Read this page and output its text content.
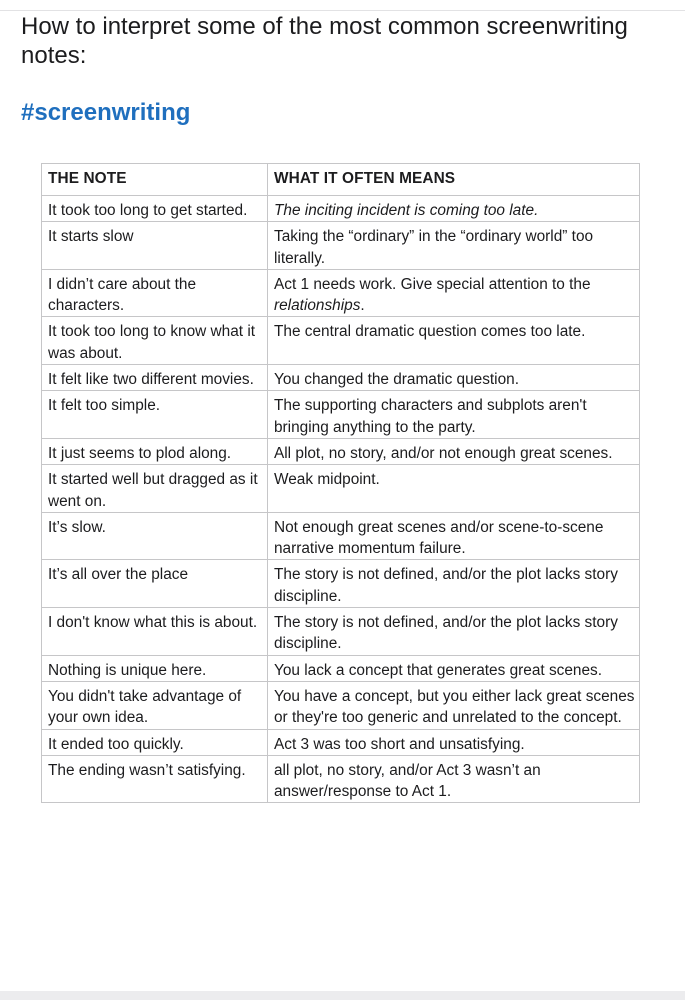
How to interpret some of the most common screenwriting notes:
#screenwriting
THE NOTE	WHAT IT OFTEN MEANS
It took too long to get started.	The inciting incident is coming too late.
It starts slow	Taking the “ordinary” in the “ordinary world” too literally.
I didn’t care about the characters.	Act 1 needs work. Give special attention to the relationships.
It took too long to know what it was about.	The central dramatic question comes too late.
It felt like two different movies.	You changed the dramatic question.
It felt too simple.	The supporting characters and subplots aren't bringing anything to the party.
It just seems to plod along.	All plot, no story, and/or not enough great scenes.
It started well but dragged as it went on.	Weak midpoint.
It’s slow.	Not enough great scenes and/or scene-to-scene narrative momentum failure.
It’s all over the place	The story is not defined, and/or the plot lacks story discipline.
I don't know what this is about.	The story is not defined, and/or the plot lacks story discipline.
Nothing is unique here.	You lack a concept that generates great scenes.
You didn't take advantage of your own idea.	You have a concept, but you either lack great scenes or they're too generic and unrelated to the concept.
It ended too quickly.	Act 3 was too short and unsatisfying.
The ending wasn’t satisfying.	all plot, no story, and/or Act 3 wasn’t an answer/response to Act 1.
